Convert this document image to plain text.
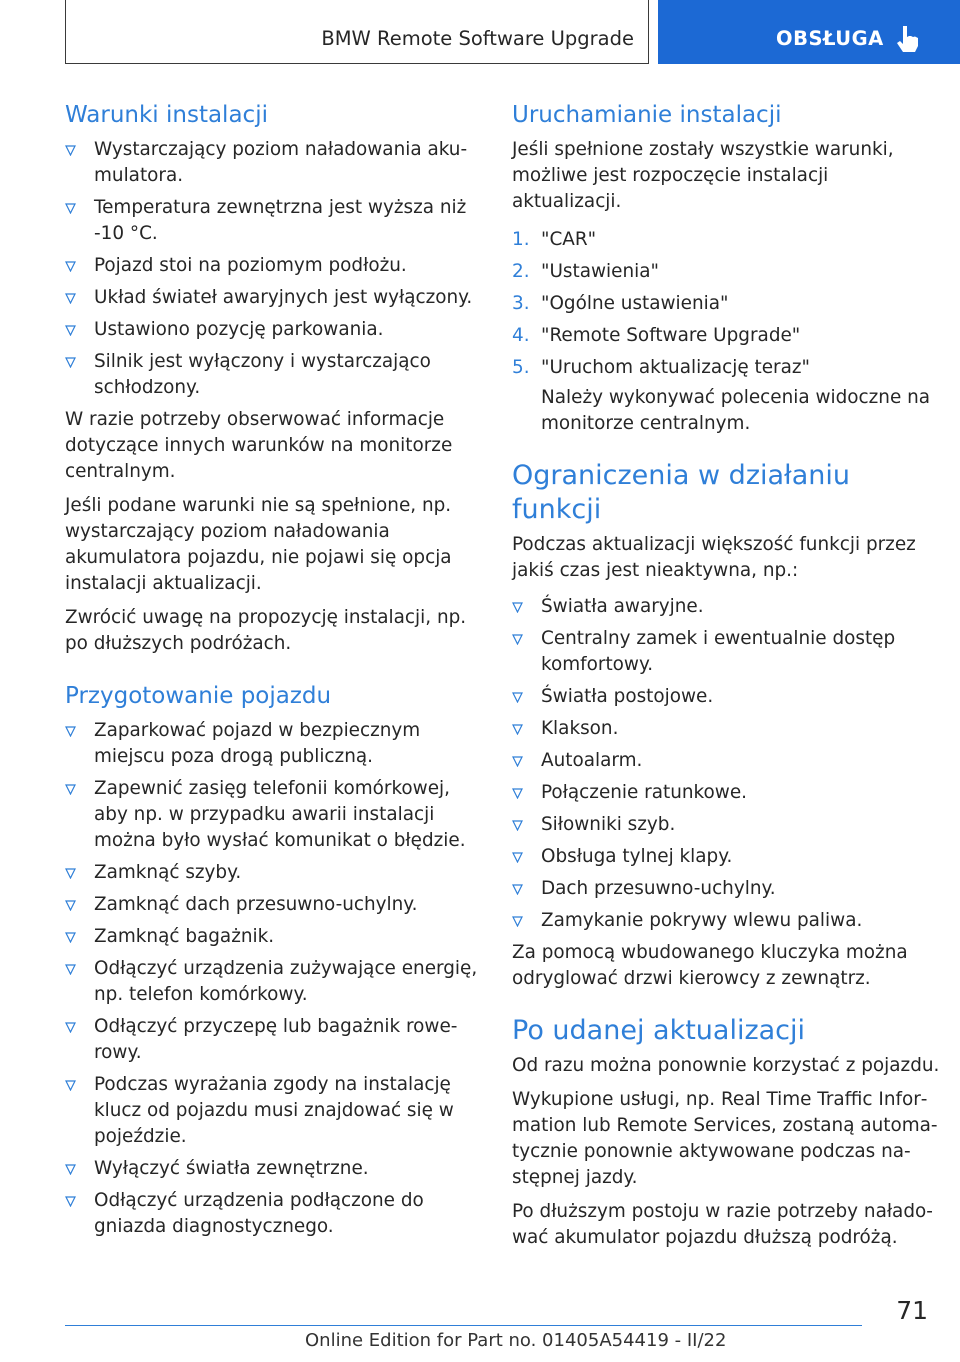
BMW Remote Software Upgrade	OBSŁUGA
Warunki instalacji
Wystarczający poziom naładowania akumulatora.
Temperatura zewnętrzna jest wyższa niż -10 °C.
Pojazd stoi na poziomym podłożu.
Układ świateł awaryjnych jest wyłączony.
Ustawiono pozycję parkowania.
Silnik jest wyłączony i wystarczająco schłodzony.

W razie potrzeby obserwować informacje dotyczące innych warunków na monitorze centralnym.

Jeśli podane warunki nie są spełnione, np. wystarczający poziom naładowania akumulatora pojazdu, nie pojawi się opcja instalacji aktualizacji.

Zwrócić uwagę na propozycję instalacji, np. po dłuższych podróżach.

Przygotowanie pojazdu
Zaparkować pojazd w bezpiecznym miejscu poza drogą publiczną.
Zapewnić zasięg telefonii komórkowej, aby np. w przypadku awarii instalacji można było wysłać komunikat o błędzie.
Zamknąć szyby.
Zamknąć dach przesuwno-uchylny.
Zamknąć bagażnik.
Odłączyć urządzenia zużywające energię, np. telefon komórkowy.
Odłączyć przyczepę lub bagażnik rowerowy.
Podczas wyrażania zgody na instalację klucz od pojazdu musi znajdować się w pojeździe.
Wyłączyć światła zewnętrzne.
Odłączyć urządzenia podłączone do gniazda diagnostycznego.
Uruchamianie instalacji

Jeśli spełnione zostały wszystkie warunki, możliwe jest rozpoczęcie instalacji aktualizacji.

1. "CAR"
2. "Ustawienia"
3. "Ogólne ustawienia"
4. "Remote Software Upgrade"
5. "Uruchom aktualizację teraz"

Należy wykonywać polecenia widoczne na monitorze centralnym.

Ograniczenia w działaniu funkcji

Podczas aktualizacji większość funkcji przez jakiś czas jest nieaktywna, np.:

Światła awaryjne.
Centralny zamek i ewentualnie dostęp komfortowy.
Światła postojowe.
Klakson.
Autoalarm.
Połączenie ratunkowe.
Siłowniki szyb.
Obsługa tylnej klapy.
Dach przesuwno-uchylny.
Zamykanie pokrywy wlewu paliwa.

Za pomocą wbudowanego kluczyka można odryglować drzwi kierowcy z zewnątrz.

Po udanej aktualizacji

Od razu można ponownie korzystać z pojazdu.

Wykupione usługi, np. Real Time Traffic Information lub Remote Services, zostaną automatycznie ponownie aktywowane podczas następnej jazdy.

Po dłuższym postoju w razie potrzeby naładować akumulator pojazdu dłuższą podróżą.

71
Online Edition for Part no. 01405A54419 - II/22
